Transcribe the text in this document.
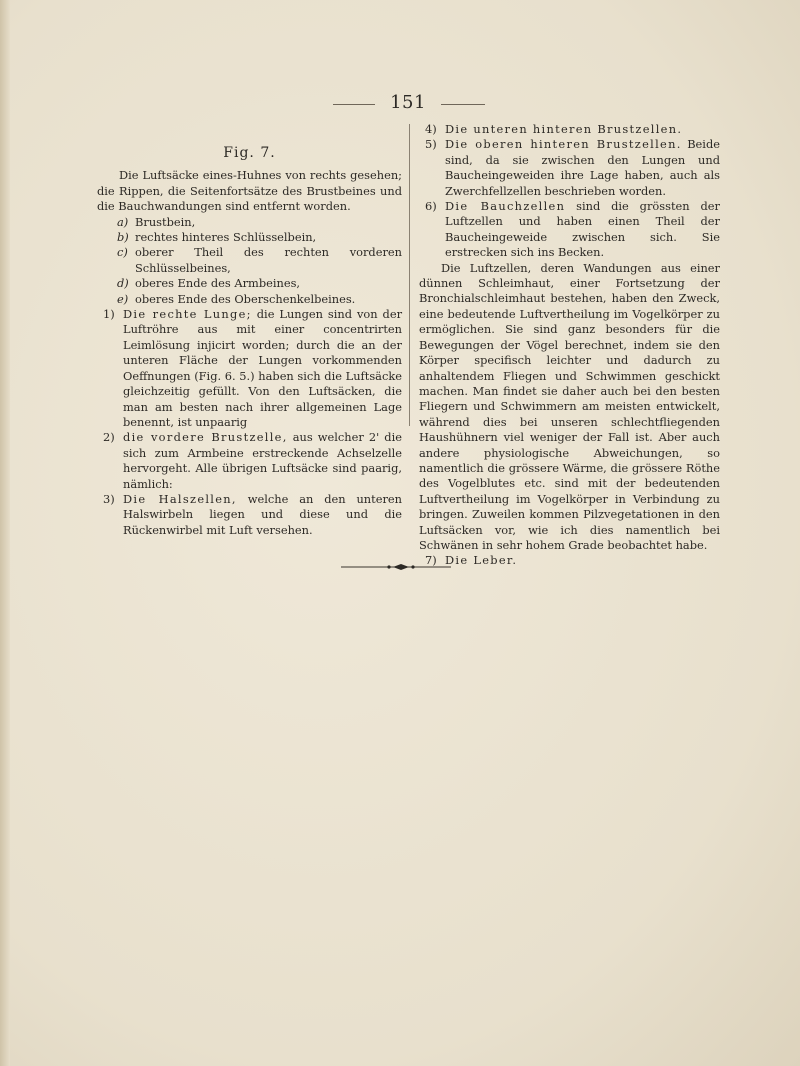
151
Fig. 7.

Die Luftsäcke eines-Huhnes von rechts gesehen; die Rippen, die Seitenfortsätze des Brustbeines und die Bauchwandungen sind entfernt worden.

a) Brustbein,
b) rechtes hinteres Schlüsselbein,
c) oberer Theil des rechten vorderen Schlüsselbeines,
d) oberes Ende des Armbeines,
e) oberes Ende des Oberschenkelbeines.
1) Die rechte Lunge; die Lungen sind von der Luftröhre aus mit einer concentrirten Leimlösung injicirt worden; durch die an der unteren Fläche der Lungen vorkommenden Oeffnungen (Fig. 6. 5.) haben sich die Luftsäcke gleichzeitig gefüllt. Von den Luftsäcken, die man am besten nach ihrer allgemeinen Lage benennt, ist unpaarig
2) die vordere Brustzelle, aus welcher 2' die sich zum Armbeine erstreckende Achselzelle hervorgeht. Alle übrigen Luftsäcke sind paarig, nämlich:
3) Die Halszellen, welche an den unteren Halswirbeln liegen und diese und die Rückenwirbel mit Luft versehen.
4) Die unteren hinteren Brustzellen.
5) Die oberen hinteren Brustzellen. Beide sind, da sie zwischen den Lungen und Baucheingeweiden ihre Lage haben, auch als Zwerchfellzellen beschrieben worden.
6) Die Bauchzellen sind die grössten der Luftzellen und haben einen Theil der Baucheingeweide zwischen sich. Sie erstrecken sich ins Becken.

Die Luftzellen, deren Wandungen aus einer dünnen Schleimhaut, einer Fortsetzung der Bronchialschleimhaut bestehen, haben den Zweck, eine bedeutende Luftvertheilung im Vogelkörper zu ermöglichen. Sie sind ganz besonders für die Bewegungen der Vögel berechnet, indem sie den Körper specifisch leichter und dadurch zu anhaltendem Fliegen und Schwimmen geschickt machen. Man findet sie daher auch bei den besten Fliegern und Schwimmern am meisten entwickelt, während dies bei unseren schlechtfliegenden Haushühnern viel weniger der Fall ist. Aber auch andere physiologische Abweichungen, so namentlich die grössere Wärme, die grössere Röthe des Vogelblutes etc. sind mit der bedeutenden Luftvertheilung im Vogelkörper in Verbindung zu bringen. Zuweilen kommen Pilzvegetationen in den Luftsäcken vor, wie ich dies namentlich bei Schwänen in sehr hohem Grade beobachtet habe.

7) Die Leber.
